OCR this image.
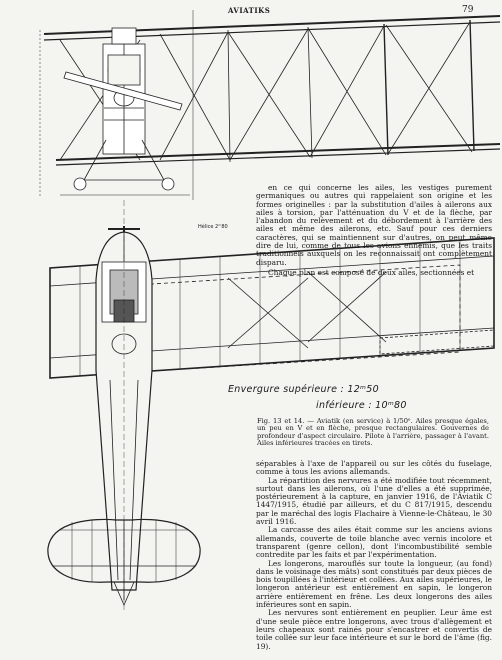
AVIATIKS	79
Hélice 2ᵐ80

en ce qui concerne les ailes, les vestiges purement germaniques ou autres qui rappelaient son origine et les formes originelles : par la substitution d'ailes à ailerons aux ailes à torsion, par l'atténuation du V et de la flèche, par l'abandon du relèvement et du débordement à l'arrière des ailes et même des ailerons, etc. Sauf pour ces derniers caractères, qui se maintiennent sur d'autres, on peut même dire de lui, comme de tous les avions ennemis, que les traits traditionnels auxquels on les reconnaissait ont complètement disparu.

Chaque plan est composé de deux ailes, sectionnées et

Envergure supérieure : 12ᵐ50
inférieure : 10ᵐ80
Fig. 13 et 14. — Aviatik (en service) à 1/50ᵉ. Ailes presque égales, un peu en V et en flèche, presque rectangulaires. Gouvernes de profondeur d'aspect circulaire. Pilote à l'arrière, passager à l'avant. Ailes inférieures tracées en tirets.

séparables à l'axe de l'appareil ou sur les côtés du fuselage, comme à tous les avions allemands.

La répartition des nervures a été modifiée tout récemment, surtout dans les ailerons, où l'une d'elles a été supprimée, postérieurement à la capture, en janvier 1916, de l'Aviatik C 1447/1915, étudié par ailleurs, et du C 817/1915, descendu par le maréchal des logis Flachaire à Vienne-le-Château, le 30 avril 1916.

La carcasse des ailes était comme sur les anciens avions allemands, couverte de toile blanche avec vernis incolore et transparent (genre cellon), dont l'incombustibilité semble contredite par les faits et par l'expérimentation.

Les longerons, marouflés sur toute la longueur, (au fond) dans le voisinage des mâts) sont constitués par deux pièces de bois toupillées à l'intérieur et collées. Aux ailes supérieures, le longeron antérieur est entièrement en sapin, le longeron arrière entièrement en frêne. Les deux longerons des ailes inférieures sont en sapin.

Les nervures sont entièrement en peuplier. Leur âme est d'une seule pièce entre longerons, avec trous d'allègement et leurs chapeaux sont rainés pour s'encastrer et convertis de toile collée sur leur face intérieure et sur le bord de l'âme (fig. 19).
